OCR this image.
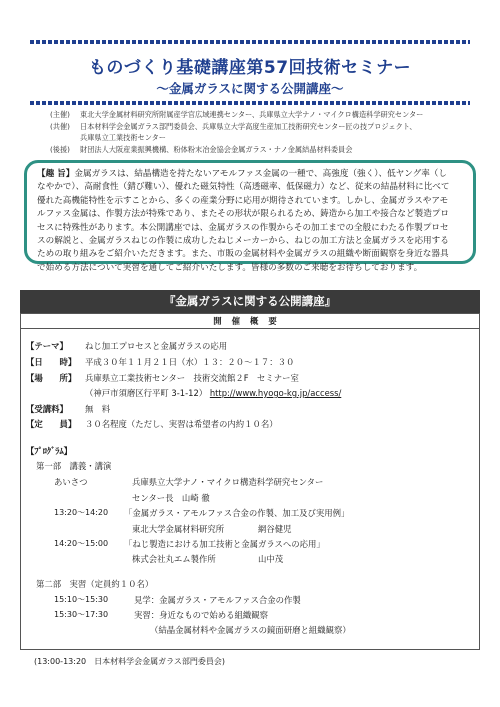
ものづくり基礎講座第57回技術セミナー
～金属ガラスに関する公開講座～
(主催)	東北大学金属材料研究所附属産学官広域連携センター、兵庫県立大学ナノ・マイクロ構造科学研究センター
(共催)	日本材料学会金属ガラス部門委員会、兵庫県立大学高度生産加工技術研究センター匠の技プロジェクト、
兵庫県立工業技術センター
(後援)	財団法人大阪産業振興機構、粉体粉末冶金協会金属ガラス・ナノ金属結晶材料委員会
【趣 旨】金属ガラスは、結晶構造を持たないアモルファス金属の一種で、高強度（強く）、低ヤング率（し
なやかで）、高耐食性（錆び難い）、優れた磁気特性（高透磁率、低保磁力）など、従来の結晶材料に比べて
優れた高機能特性を示すことから、多くの産業分野に応用が期待されています。しかし、金属ガラスやアモ
ルファス金属は、作製方法が特殊であり、またその形状が限られるため、鋳造から加工や接合など製造プロ
セスに特殊性があります。本公開講座では、金属ガラスの作製からその加工までの全般にわたる作製プロセ
スの解説と、金属ガラスねじの作製に成功したねじメーカーから、ねじの加工方法と金属ガラスを応用する
ための取り組みをご紹介いただきます。また、市販の金属材料や金属ガラスの組織や断面観察を身近な器具
で始める方法について実習を通してご紹介いたします。皆様の多数のご来聴をお待ちしております。
『金属ガラスに関する公開講座』
開催概要
【テーマ】 ねじ加工プロセスと金属ガラスの応用
【日　　時】 平成３０年１１月２１日（水）１３：２０～１７：３０
【場　　所】 兵庫県立工業技術センター　技術交流館２F　セミナー室
（神戸市須磨区行平町 3-1-12） http://www.hyogo-kg.jp/access/
【受講料】 無　料
【定　　員】 ３０名程度（ただし、実習は希望者の内約１０名）
【ﾌﾟﾛｸﾞﾗﾑ】
第一部　講義・講演
あいさつ	兵庫県立大学ナノ・マイクロ構造科学研究センター
センター長　山崎 徹
13:20～14:20 「金属ガラス・アモルファス合金の作製、加工及び実用例」
東北大学金属材料研究所	網谷健児
14:20～15:00 「ねじ製造における加工技術と金属ガラスへの応用」
株式会社丸エム製作所	山中茂
第二部　実習（定員約１０名）
15:10～15:30	見学：金属ガラス・アモルファス合金の作製
15:30～17:30	実習：身近なもので始める組織観察
（結晶金属材料や金属ガラスの鏡面研磨と組織観察）
(13:00-13:20　日本材料学会金属ガラス部門委員会)
